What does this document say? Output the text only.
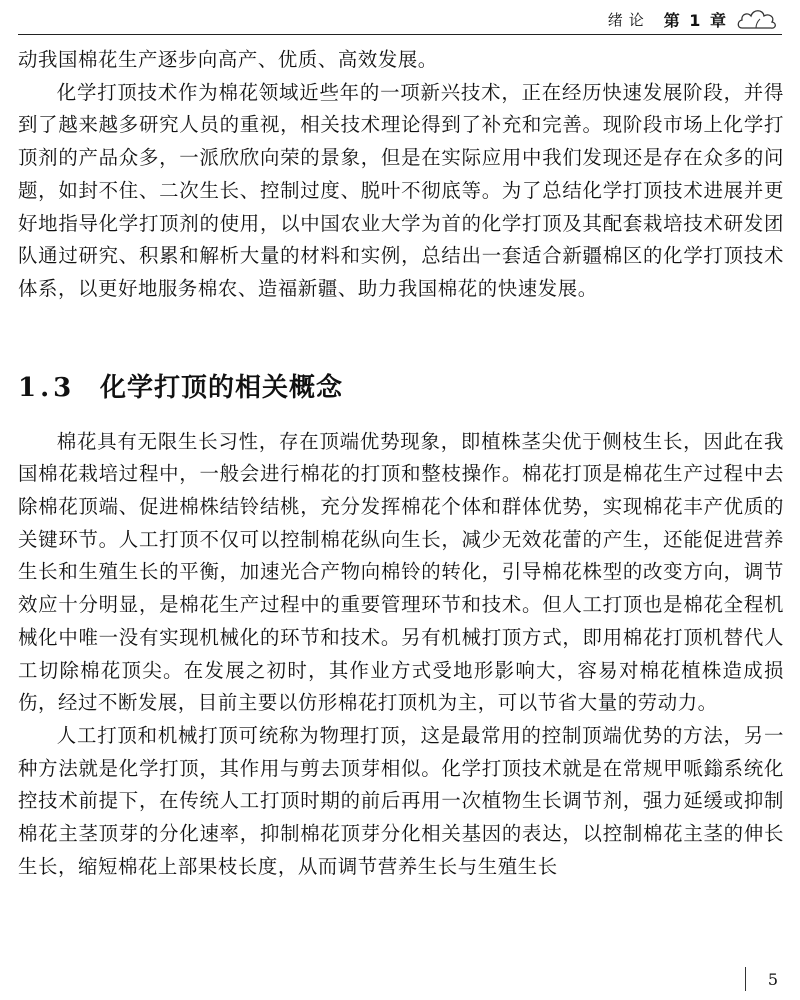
绪论 第 1 章

动我国棉花生产逐步向高产、优质、高效发展。

化学打顶技术作为棉花领域近些年的一项新兴技术，正在经历快速发展阶段，并得到了越来越多研究人员的重视，相关技术理论得到了补充和完善。现阶段市场上化学打顶剂的产品众多，一派欣欣向荣的景象，但是在实际应用中我们发现还是存在众多的问题，如封不住、二次生长、控制过度、脱叶不彻底等。为了总结化学打顶技术进展并更好地指导化学打顶剂的使用，以中国农业大学为首的化学打顶及其配套栽培技术研发团队通过研究、积累和解析大量的材料和实例，总结出一套适合新疆棉区的化学打顶技术体系，以更好地服务棉农、造福新疆、助力我国棉花的快速发展。

1.3 化学打顶的相关概念

棉花具有无限生长习性，存在顶端优势现象，即植株茎尖优于侧枝生长，因此在我国棉花栽培过程中，一般会进行棉花的打顶和整枝操作。棉花打顶是棉花生产过程中去除棉花顶端、促进棉株结铃结桃，充分发挥棉花个体和群体优势，实现棉花丰产优质的关键环节。人工打顶不仅可以控制棉花纵向生长，减少无效花蕾的产生，还能促进营养生长和生殖生长的平衡，加速光合产物向棉铃的转化，引导棉花株型的改变方向，调节效应十分明显，是棉花生产过程中的重要管理环节和技术。但人工打顶也是棉花全程机械化中唯一没有实现机械化的环节和技术。另有机械打顶方式，即用棉花打顶机替代人工切除棉花顶尖。在发展之初时，其作业方式受地形影响大，容易对棉花植株造成损伤，经过不断发展，目前主要以仿形棉花打顶机为主，可以节省大量的劳动力。

人工打顶和机械打顶可统称为物理打顶，这是最常用的控制顶端优势的方法，另一种方法就是化学打顶，其作用与剪去顶芽相似。化学打顶技术就是在常规甲哌鎓系统化控技术前提下，在传统人工打顶时期的前后再用一次植物生长调节剂，强力延缓或抑制棉花主茎顶芽的分化速率，抑制棉花顶芽分化相关基因的表达，以控制棉花主茎的伸长生长，缩短棉花上部果枝长度，从而调节营养生长与生殖生长

5
